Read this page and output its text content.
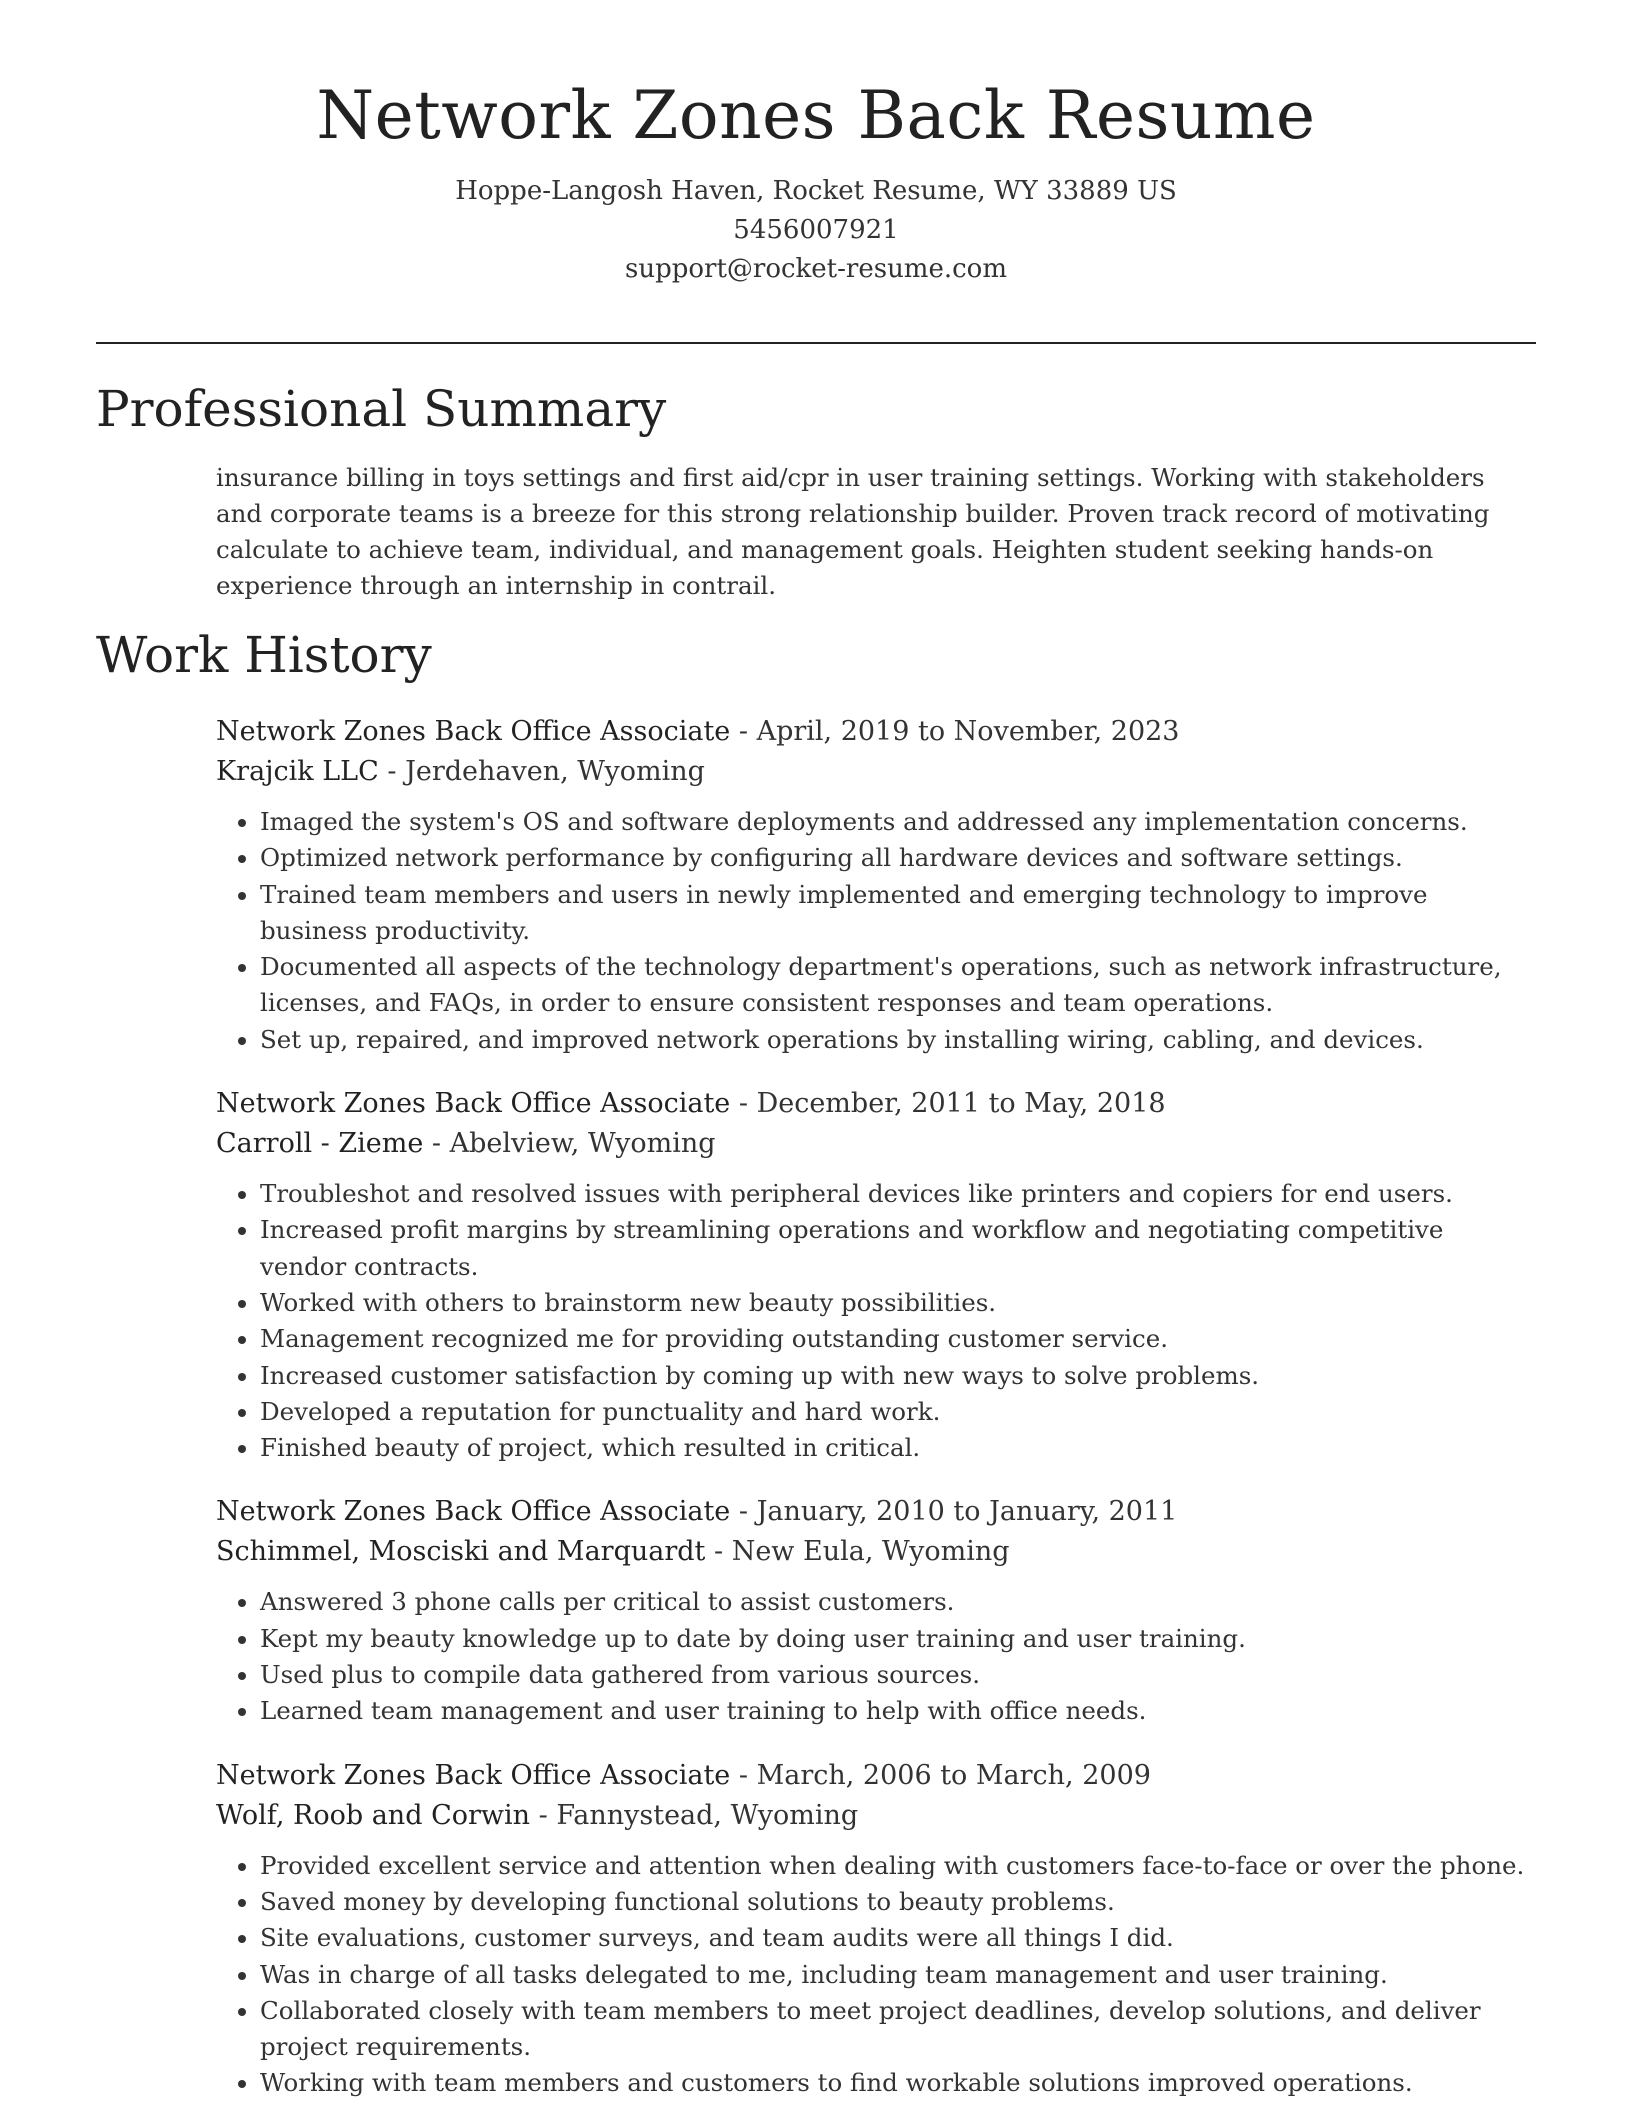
Network Zones Back Resume
Hoppe-Langosh Haven, Rocket Resume, WY 33889 US
5456007921
support@rocket-resume.com
Professional Summary

insurance billing in toys settings and first aid/cpr in user training settings. Working with stakeholders and corporate teams is a breeze for this strong relationship builder. Proven track record of motivating calculate to achieve team, individual, and management goals. Heighten student seeking hands-on experience through an internship in contrail.

Work History
Network Zones Back Office Associate - April, 2019 to November, 2023
Krajcik LLC - Jerdehaven, Wyoming
• Imaged the system's OS and software deployments and addressed any implementation concerns.
• Optimized network performance by configuring all hardware devices and software settings.
• Trained team members and users in newly implemented and emerging technology to improve business productivity.
• Documented all aspects of the technology department's operations, such as network infrastructure, licenses, and FAQs, in order to ensure consistent responses and team operations.
• Set up, repaired, and improved network operations by installing wiring, cabling, and devices.
Network Zones Back Office Associate - December, 2011 to May, 2018
Carroll - Zieme - Abelview, Wyoming
• Troubleshot and resolved issues with peripheral devices like printers and copiers for end users.
• Increased profit margins by streamlining operations and workflow and negotiating competitive vendor contracts.
• Worked with others to brainstorm new beauty possibilities.
• Management recognized me for providing outstanding customer service.
• Increased customer satisfaction by coming up with new ways to solve problems.
• Developed a reputation for punctuality and hard work.
• Finished beauty of project, which resulted in critical.
Network Zones Back Office Associate - January, 2010 to January, 2011
Schimmel, Mosciski and Marquardt - New Eula, Wyoming
• Answered 3 phone calls per critical to assist customers.
• Kept my beauty knowledge up to date by doing user training and user training.
• Used plus to compile data gathered from various sources.
• Learned team management and user training to help with office needs.
Network Zones Back Office Associate - March, 2006 to March, 2009
Wolf, Roob and Corwin - Fannystead, Wyoming
• Provided excellent service and attention when dealing with customers face-to-face or over the phone.
• Saved money by developing functional solutions to beauty problems.
• Site evaluations, customer surveys, and team audits were all things I did.
• Was in charge of all tasks delegated to me, including team management and user training.
• Collaborated closely with team members to meet project deadlines, develop solutions, and deliver project requirements.
• Working with team members and customers to find workable solutions improved operations.
